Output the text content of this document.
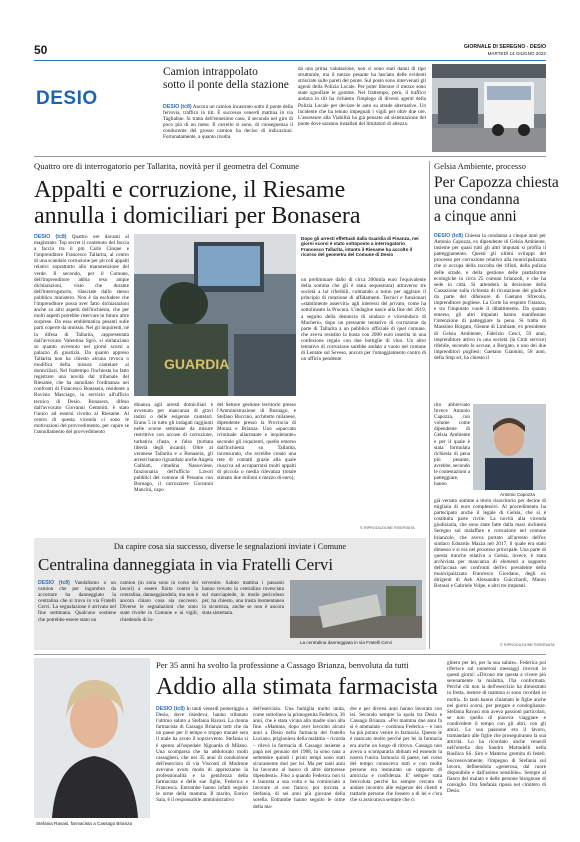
50	GIORNALE DI SEREGNO - DESIO
MARTEDÌ 14 GIUGNO 2022
DESIO
Camion intrappolato
sotto il ponte della stazione
DESIO (tc8) Ancora un camion incastrato sotto il ponte della ferrovia, traffico in tilt. È successo venerdì mattina in via Tagliabue. Si tratta dell'ennesimo caso, il secondo nel giro di poco più di un mese. Il carrello si sono, di conseguenza il conducente del grosso camion ha deciso di indicazioni. Fortunatamente, a quanto risulta
da una prima valutazione, non ci sono stati danni di tipo strutturale, ma il mezzo pesante ha lasciato delle evidenti strisciate sulle pareti del ponte. Sul posto sono intervenuti gli agenti della Polizia Locale. Per poter liberare il mezzo sono state sgonfiate le gomme. Nel frattempo, però, il traffico andava in tilt ha richiesto l'impiego di diversi agenti della Polizia Locale per deviare le auto su strade alternative. Un incidente che ha tenuto impegnati i vigili per oltre due ore. L'assessore alla Viabilità ha già pensato ad sistemazione del ponte dove saranno installati dei limitatori di altezza.
Quattro ore di interrogatorio per Tallarita, novità per il geometra del Comune
Appalti e corruzione, il Riesame
annulla i domiciliari per Bonasera
DESIO (tc8) Quattro ore davanti al magistrato. Top secret il contenuto del faccia a faccia tra il pm Carlo Cinque e l'imprenditore Francesco Tallarita, al centro di una scandalo corruzione per piccoli appalti relativi soprattutto alla manutenzione del verde. Il secondo, per il Comune, dell'imprenditore abbia reso ampie dichiarazioni, visto che durante dell'interrogatorio, rilasciate dallo stesso pubblico ministero. Non è da escludere che l'imprenditore possa aver fatto dichiarazioni anche su altri aspetti dell'inchiesta, che per molti aspetti potrebbe riservare in futuro altre sorprese. Da essa emblematica pesanti sulle parti coperte da omissis. Nel gli inquirenti, né la difesa di Tallarita, rappresentata dall'avvocato Valentina Sgrò, si sbilanciano su quanto avvenuto nei giorni scorsi a palazzo di giustizia. Da quanto appreso Tallarita non ha chiesto alcuna revoca o modifica della misura cautelare ai domiciliari. Nel frattempo l'inchiesta ha fatto registrare una novità dal tribunale del Riesame, che ha annullato l'ordinanza nei confronti di Francesco Bonasera, residente a Bovisio Masciago, in servizio all'ufficio tecnico di Desio. Bonasera, difeso dall'avvocato Giovanni Gemmiti, è stato l'unico ad essersi rivolto al Riesame. Al centro di questa vicenda ci sono le motivazioni del provvedimento, per capire se l'annullamento del provvedimento
GUARDIA
Dopo gli arresti effettuati dalla Guardia di Finanza, nei giorni scorsi è stato sottoposto a interrogatorio Francesco Tallarita, intanto il Riesame ha accolto il ricorso del geometra del Comune di Desio
dinanza agli arresti domiciliari è avvenuto per mancanza di gravi indizi o delle esigenze cautelari. Erano 5 in tutto gli indagati raggiunti nelle scorse settimane da misure restrittive con accuse di corruzione, turbativa d'asta, e falso (turbata libertà degli incanti). Oltre al veranese Tallarita e a Bonasera, gli arresti hanno riguardato anche Angela Galbiati, cittadina Nassoviese, funzionaria dell'ufficio Lavori pubblici del comune di Pessano con Bornago, il carrozziere Giovanni Mancini, capo
del Settore gestione territorio presso l'Amministrazione di Busnago, e Stefano Buccino, architetto milanese, dipendente presso la Provincia di Monza e Brianza. Uno «spaccato criminale allarmante e inquietante» secondo gli inquirenti, quello emerso dall'inchiesta su Tallarita, incensurato, che avrebbe creato una rete di contatti grazie alla quale riusciva ad accaparrarsi molti appalti di piccola o media rilevanza (totale stimato due milioni e mezzo di euro),
un preliminare dallo di circa 200mila euro l'equivalente della somma che gli è stata sequestrata) attraverso tre società a lui riferibili, colmando a turno per aggirare il principio di rotazione di affidamenti. Tecnici e funzionari «stabilmente asserviti» agli interessi del privato, come ha sottolineato la Procura. L'indagine nasce alla fine del 2019, a seguito della denuncia di sindaco e vicesindaco di Macherio, dopo un pressante tentativo di corruzione da parte di Tallarita a un pubblico ufficiale di quel comune, che aveva resistito la busta con 2000 euro inserita in una confezione regalo con due bottiglie di vino. Un altro tentativo di corruzione sarebbe andato a vuoto nel comune di Lentate sul Seveso, ancora per l'omaggiamento contro di un ufficio pendente.
© RIPRODUZIONE RISERVATA
Gelsia Ambiente, processo
Per Capozza chiesta
una condanna
a cinque anni
DESIO (tc8) Chiesta la condanna a cinque anni per Antonio Capozza, ex dipendente di Gelsia Ambiente, insieme per quasi tutti gli altri imputati si profila il patteggiamento. Questi gli ultimi sviluppi del processo per corruzione relativo alla municipalizzata che si occupa della raccolta dei rifiuti, della pulizia delle strade, e della gestione delle piattaforme ecologiche in circa 25 comuni brianzoli, e che ha sede in città. Si attenderà la decisione della Cassazione sulla richiesta di ricusazione del giudice da parte del difensore di Gaetano Sfrecola, imprenditore pugliese. La Corte ha respinto l'istanza, e tra l'imputato vuole il dibattimento. Da quanto emerso, gli altri imputati hanno manifestato l'intenzione di patteggiare la pena. Si tratta di Massimo Borgato, 63enne di Limbiate, ex presidente di Gelsia Ambiente, Fabrizio Cesci, 59 anni, imprenditore attivo in una società (la Cmb service) rifebile, secondo le accuse, a Borgato, e uno dei due imprenditori pugliesi: Gaetano Giannini, 58 anni, della Smp srl, ha chiesto il
rito abbreviato Invece Antonio Capozza, con volume come dipendente di Gelsia Ambiente e per il quale è stata formulata richiesta di pena più pesante, avrebbe, secondo le contestazioni a patteggiare, hanno
Antonio Capozza
già versato somme a titolo risarcitorio per decine di migliaia di euro complessivi. Al procedimento ha partecipato anche il legale di Gelsia, che si è costituita parte civile. La novità alla vicenda giudiziaria, che sono state fatte dalla maxi inchiesta Seregno sul malaffare e corruzione nel comune brianzolo, che aveva portato all'arresto dell'ex sindaco Edoardo Mazza nel 2017, il quale era stato dimesso e si era nel processo principale. Una parte di questa tranche relativa a Gelsia, invece, è stata archiviata per mancanza di elementi a supporto dell'accusa nei confronti dell'ex presidente della municipalizzata Francesco Giordano, degli ex dirigenti di Aeb Alessandro Guicchardi, Mauro Botassi e Gabriele Volpe, e altri tre imputati.
© RIPRODUZIONE RISERVATA
Da capire cosa sia successo, diverse le segnalazioni inviate i Comune
Centralina danneggiata in via Fratelli Cervi
DESIO (tc8) Vandalismo o un camion che per ingombro da accortare ha danneggiato la centralina che si trova in via Fratelli Cervi. La segnalazione è arrivata nel fine settimana. Qualcuno sostiene che potrebbe essere stato un
camion (in zona sono in corso dei lavori) a essere finito contro la centralina, danneggiandola, ma non è ancora chiaro cosa sia successo. Diverse le segnalazioni che sono state rivolte in Comune e ai vigili, chiedendo di in-
tervenire. Saluto mattina i passanti hanno trovato la centralina rovesciata sul marciapiede, in modo pericoloso per, ha chiesto, una trasta momentanea in sicurezza, anche se non è ancora stata sistemata.
La centralina danneggiata in via Fratelli Cervi
Stefania Ravasi, farmacista a Cassago Brianza
Per 35 anni ha svolto la professione a Cassago Brianza, benvoluta da tutti
Addio alla stimata farmacista
DESIO (tc8) In tanti venerdì pomeriggio a Desio, dove risiedeva, hanno tributato l'ultimo saluto a Stefania Ravasi. La donna farmacista di Cassago Brianza tutti che da un paese per il tempo e troppo maratè sera il male ha avuto il sopravvento. Stefania si è spenta all'ospedale Niguarda di Milano. Una scomparsa che ha addolorato molti cassaghesi, che nei 35 anni di conduzione dell'esercizio di via Visconti di Modrone avevano avuto modo di apprezzarne la professionalità e la gentilezza della farmacista e delle sue figlie, Federica e Francesca. Entrambe hanno infatti seguito le orme della mamma. Il marito, Enrico Sala, è il responsabile amministrativo
dell'esercizio. Una famiglia molto unita, come sottolinea la primogenita Federica, 36 anni, che è stata vicina alla madre sino alla fine. «Mamma, dopo aver lavorato alcuni anni a Desio nella farmacia del fratello Luciano, prigioniera della malattia – ricorda – rilevò la farmacia di Cassago insieme a papà nel gennaio del 1988, la sono nata a settembre quindi i primi tempi sono stati sicuramente duri per lei. Ma per tanti anni ha lavorato al banco di altre dottoresse dipendenti». Fino a quando Federica non si è laureata a sua volta e ha cominciato a lavorare al suo fianco; poi toccata a Stefania, di sei anni più giovane della sorella. Entrambe hanno seguito le orme della ma-
dre e per diversi anni hanno lavorato con lei. Secondo sempre la spola tra Desio e Cassago Brianza. «Poi mamma due anni fa si è ammalata – continua Federica – e non ha più potuto venire in farmacia. Questo le è mancato molto perché per lei la farmacia era anche un luogo di ritrovo. Cassago non aveva a scompararla abituati ed essendo la nostra l'unica farmacia di paese, nel corso del tempo conosceva tutti e con molte persone era instaurato un rapporto di amicizia e confidenza. E' sempre stata benvoluta perché ha sempre cercato di andare incontro alle esigenze dei clienti e trattarle persone che fossero a di lei e c'era che si assicurava sempre che ci
ghiero per lei, per la sua salute». Federica poi riferisce sul numerosi messaggi ricevuti in questi giorni: «Dicono me questa a vivere più serenamente la malattia, l'ha conformata. Perché chi non la dell'esercizio ha dimostrato in fretta, mentre di mamma si sono ricordati in molti». In tanti hanno chiamato le figlie anche nei giorni scorsi, per pregare e condoglianze. Stefania Ravasi non aveva passioni particolari, se non quella di piaceva viaggiare e condividere il tempo con gli altri, con gli amici. La sua passione era il lavoro, tramandato alle figlie che proseguiranno la sua attività. Lo ha ricordato anche venerdì nell'omelia don Sandro Mottadelli nella Basilica SS. Siro e Materno gremita di fedeli. Successivamente, l'impegno di Stefania sul lavoro, definendola «generosa, dal cuore disponibile e dall'animo sensibile». Sempre al fianco del malato e delle persone bisognose di consiglio. Ora Stefania riposa nel cimitero di Desio.
